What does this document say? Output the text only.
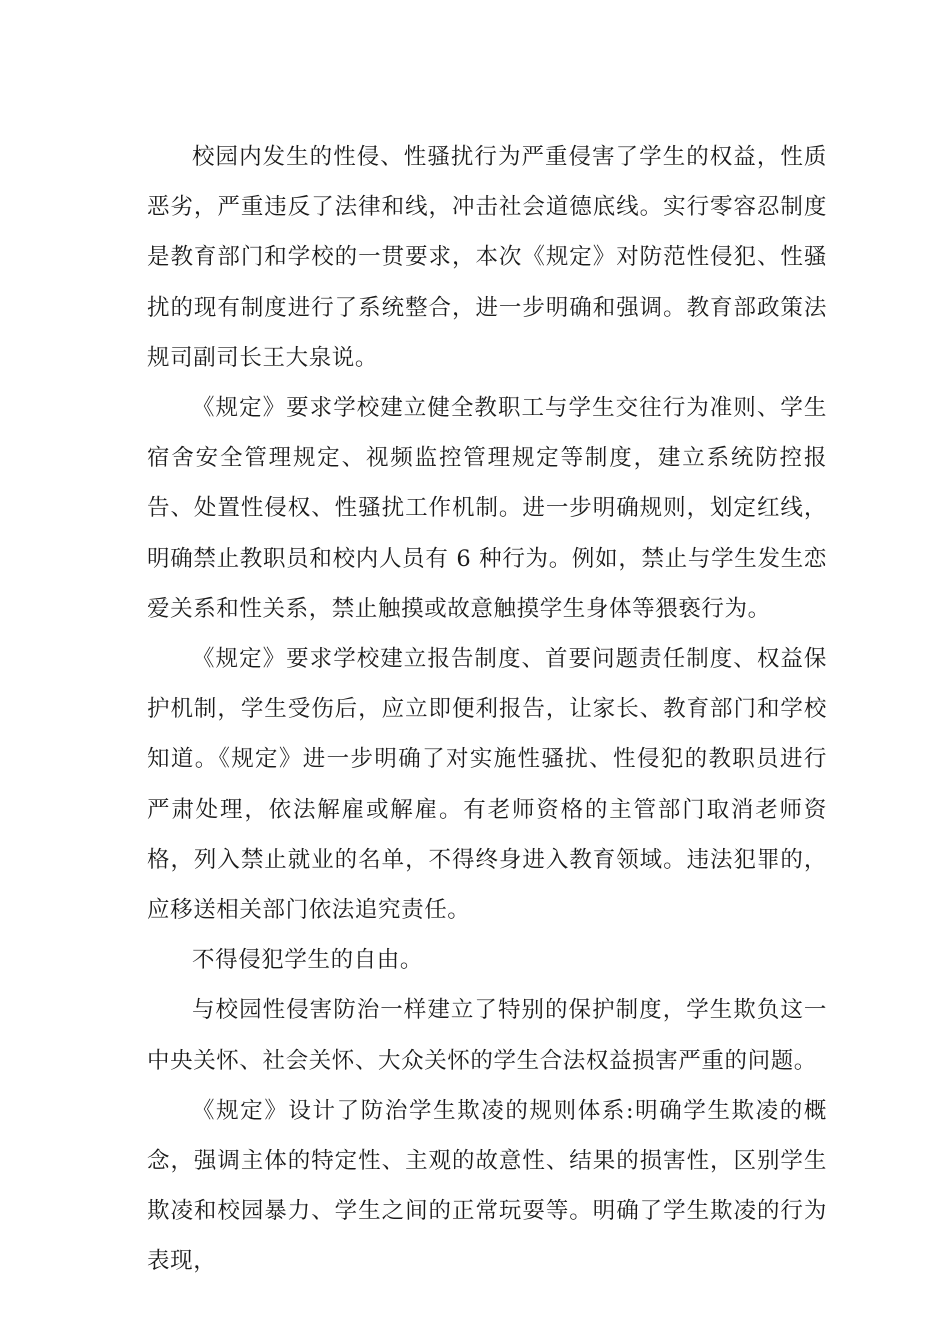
校园内发生的性侵、性骚扰行为严重侵害了学生的权益，性质恶劣，严重违反了法律和线，冲击社会道德底线。实行零容忍制度是教育部门和学校的一贯要求，本次《规定》对防范性侵犯、性骚扰的现有制度进行了系统整合，进一步明确和强调。教育部政策法规司副司长王大泉说。

《规定》要求学校建立健全教职工与学生交往行为准则、学生宿舍安全管理规定、视频监控管理规定等制度，建立系统防控报告、处置性侵权、性骚扰工作机制。进一步明确规则，划定红线，明确禁止教职员和校内人员有 6 种行为。例如，禁止与学生发生恋爱关系和性关系，禁止触摸或故意触摸学生身体等猥亵行为。

《规定》要求学校建立报告制度、首要问题责任制度、权益保护机制，学生受伤后，应立即便利报告，让家长、教育部门和学校知道。《规定》进一步明确了对实施性骚扰、性侵犯的教职员进行严肃处理，依法解雇或解雇。有老师资格的主管部门取消老师资格，列入禁止就业的名单，不得终身进入教育领域。违法犯罪的，应移送相关部门依法追究责任。

不得侵犯学生的自由。

与校园性侵害防治一样建立了特别的保护制度，学生欺负这一中央关怀、社会关怀、大众关怀的学生合法权益损害严重的问题。

《规定》设计了防治学生欺凌的规则体系:明确学生欺凌的概念，强调主体的特定性、主观的故意性、结果的损害性，区别学生欺凌和校园暴力、学生之间的正常玩耍等。明确了学生欺凌的行为表现，
